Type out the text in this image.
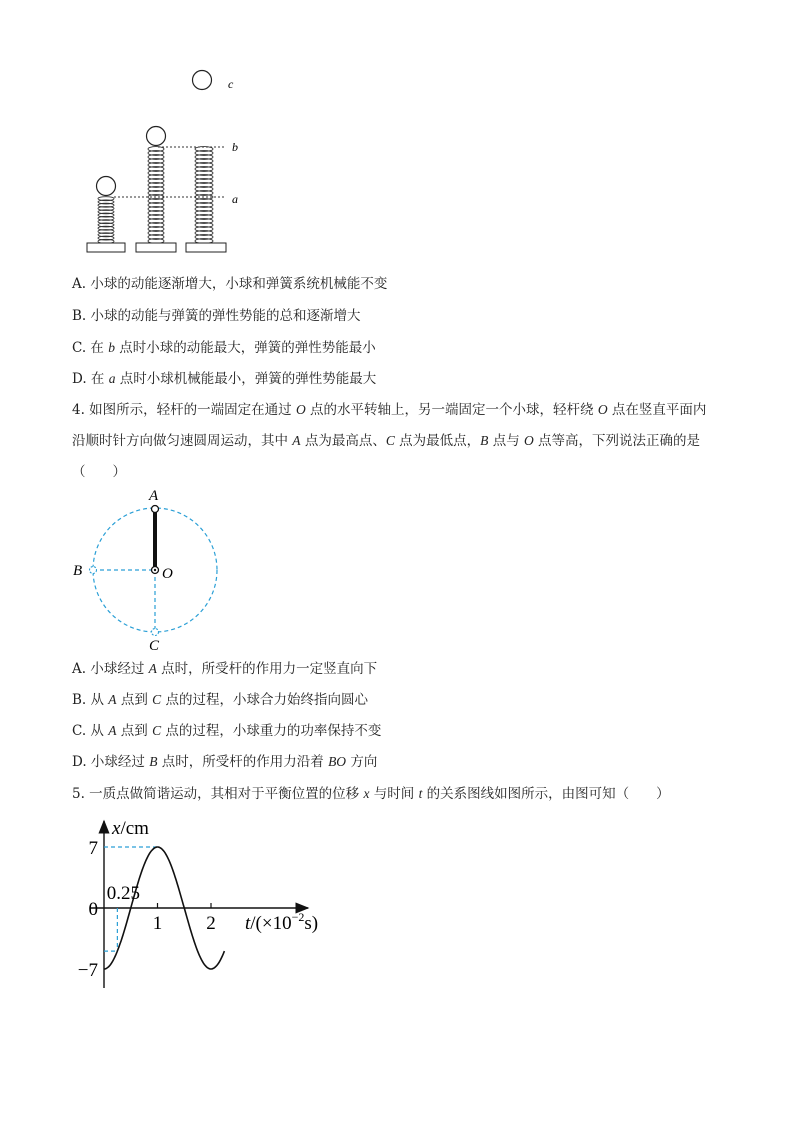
c
b
a
A. 小球的动能逐渐增大，小球和弹簧系统机械能不变
B. 小球的动能与弹簧的弹性势能的总和逐渐增大
C. 在 b 点时小球的动能最大，弹簧的弹性势能最小
D. 在 a 点时小球机械能最小，弹簧的弹性势能最大
4. 如图所示，轻杆的一端固定在通过 O 点的水平转轴上，另一端固定一个小球，轻杆绕 O 点在竖直平面内
沿顺时针方向做匀速圆周运动，其中 A 点为最高点、C 点为最低点，B 点与 O 点等高，下列说法正确的是
（　　）
A
B	O
C
A. 小球经过 A 点时，所受杆的作用力一定竖直向下
B. 从 A 点到 C 点的过程，小球合力始终指向圆心
C. 从 A 点到 C 点的过程，小球重力的功率保持不变
D. 小球经过 B 点时，所受杆的作用力沿着 BO 方向
5. 一质点做简谐运动，其相对于平衡位置的位移 x 与时间 t 的关系图线如图所示，由图可知（　　）
7
0
−7
1 2
0.25
x/cm
$t/(\times 10^{-2}s)$
